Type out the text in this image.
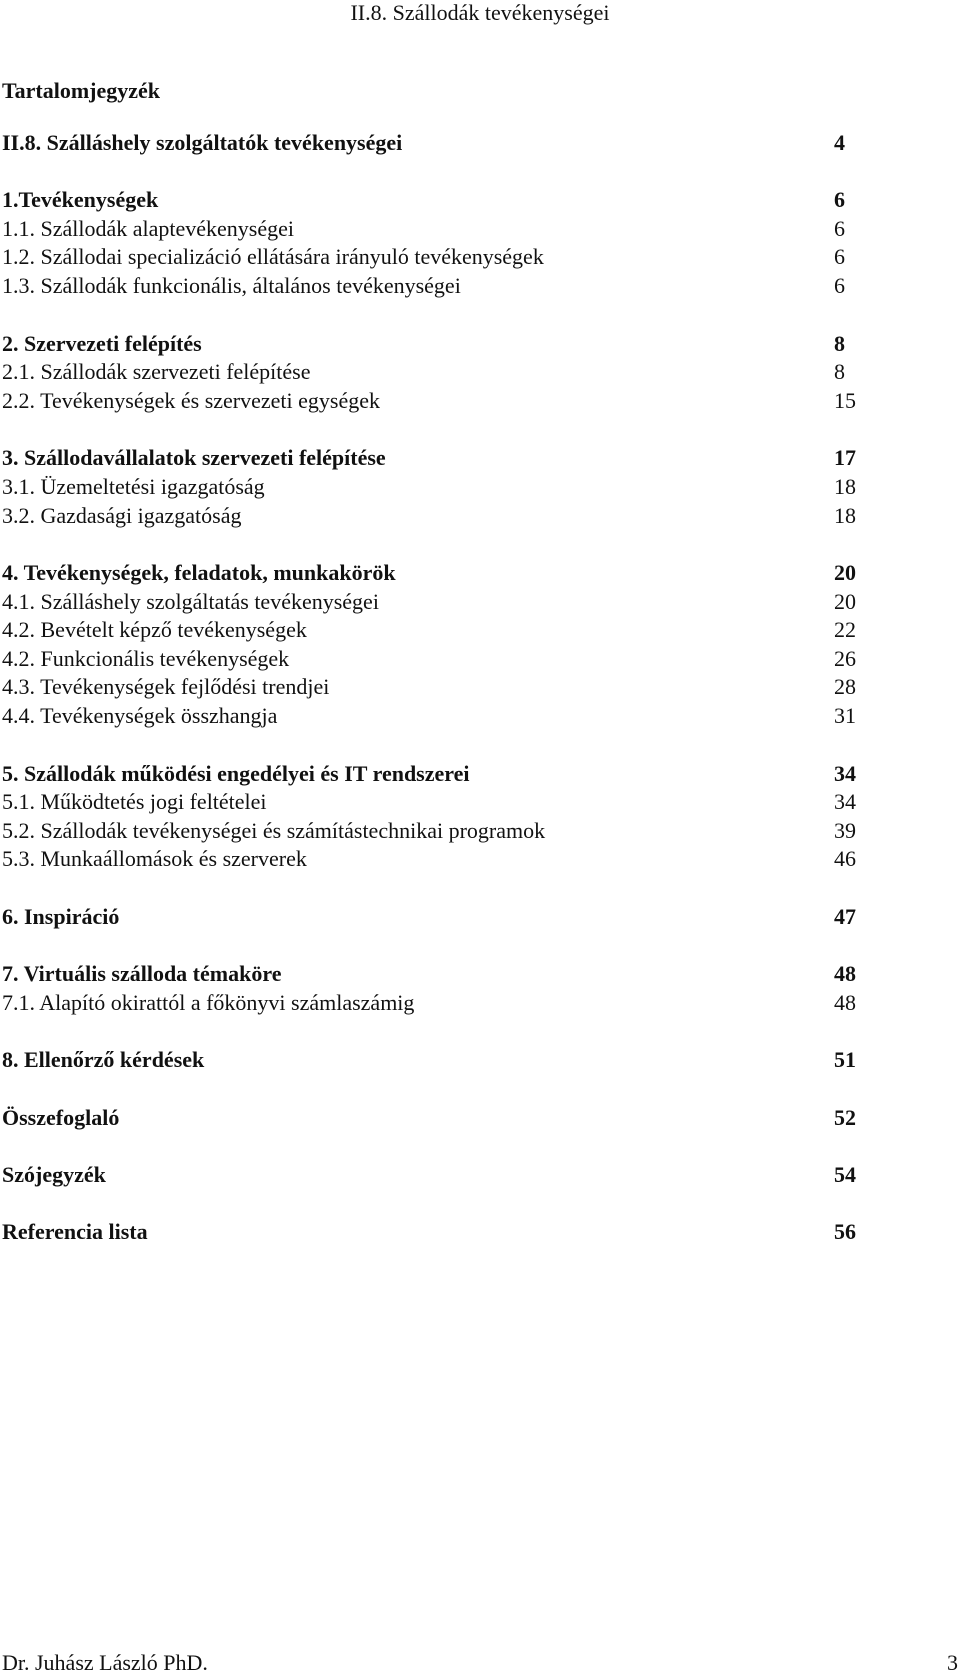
II.8. Szállodák tevékenységei
Tartalomjegyzék
II.8. Szálláshely szolgáltatók tevékenységei	4
1.Tevékenységek	6
1.1. Szállodák alaptevékenységei	6
1.2. Szállodai specializáció ellátására irányuló tevékenységek	6
1.3. Szállodák funkcionális, általános tevékenységei	6
2. Szervezeti felépítés	8
2.1. Szállodák szervezeti felépítése	8
2.2. Tevékenységek és szervezeti egységek	15
3. Szállodavállalatok szervezeti felépítése	17
3.1. Üzemeltetési igazgatóság	18
3.2. Gazdasági igazgatóság	18
4. Tevékenységek, feladatok, munkakörök	20
4.1. Szálláshely szolgáltatás tevékenységei	20
4.2. Bevételt képző tevékenységek	22
4.2. Funkcionális tevékenységek	26
4.3. Tevékenységek fejlődési trendjei	28
4.4. Tevékenységek összhangja	31
5. Szállodák működési engedélyei és IT rendszerei	34
5.1. Működtetés jogi feltételei	34
5.2. Szállodák tevékenységei és számítástechnikai programok	39
5.3. Munkaállomások és szerverek	46
6. Inspiráció	47
7. Virtuális szálloda témaköre	48
7.1. Alapító okirattól a főkönyvi számlaszámig	48
8. Ellenőrző kérdések	51
Összefoglaló	52
Szójegyzék	54
Referencia lista	56
Dr. Juhász László PhD.	3
